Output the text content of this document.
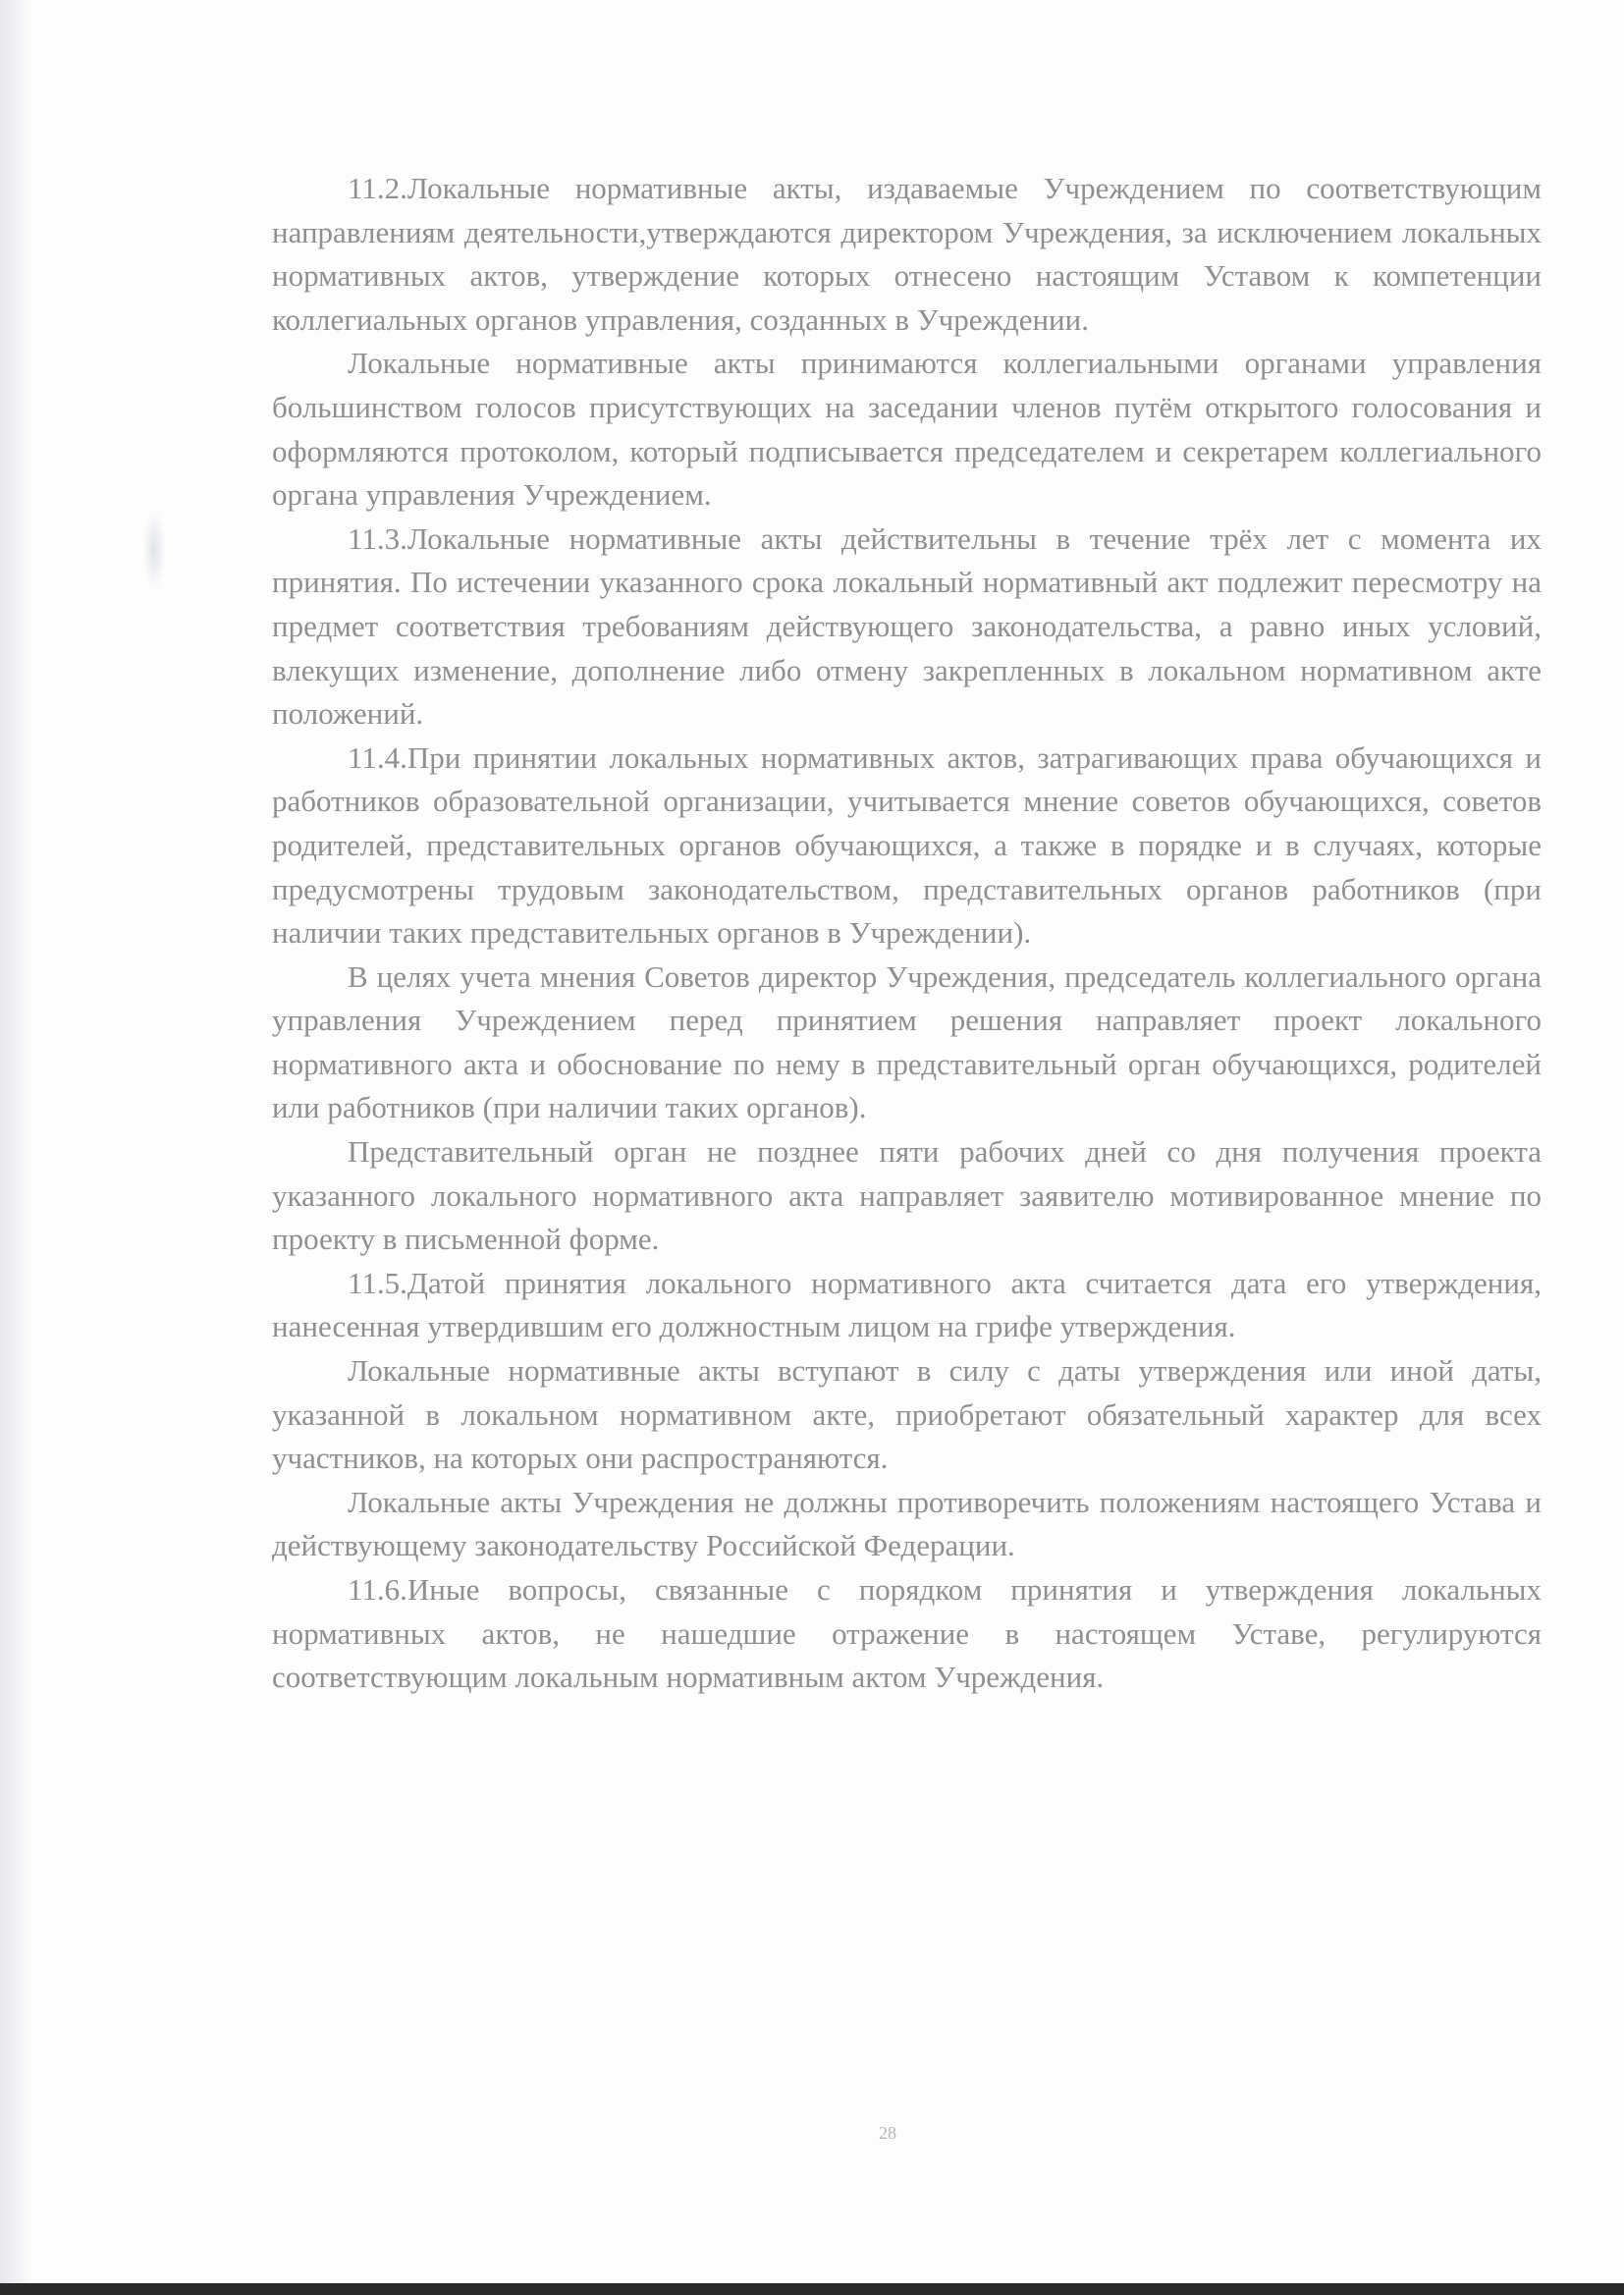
11.2.Локальные нормативные акты, издаваемые Учреждением по соответствующим направлениям деятельности,утверждаются директором Учреждения, за исключением локальных нормативных актов, утверждение которых отнесено настоящим Уставом к компетенции коллегиальных органов управления, созданных в Учреждении.

Локальные нормативные акты принимаются коллегиальными органами управления большинством голосов присутствующих на заседании членов путём открытого голосования и оформляются протоколом, который подписывается председателем и секретарем коллегиального органа управления Учреждением.

11.3.Локальные нормативные акты действительны в течение трёх лет с момента их принятия. По истечении указанного срока локальный нормативный акт подлежит пересмотру на предмет соответствия требованиям действующего законодательства, а равно иных условий, влекущих изменение, дополнение либо отмену закрепленных в локальном нормативном акте положений.

11.4.При принятии локальных нормативных актов, затрагивающих права обучающихся и работников образовательной организации, учитывается мнение советов обучающихся, советов родителей, представительных органов обучающихся, а также в порядке и в случаях, которые предусмотрены трудовым законодательством, представительных органов работников (при наличии таких представительных органов в Учреждении).

В целях учета мнения Советов директор Учреждения, председатель коллегиального органа управления Учреждением перед принятием решения направляет проект локального нормативного акта и обоснование по нему в представительный орган обучающихся, родителей или работников (при наличии таких органов).

Представительный орган не позднее пяти рабочих дней со дня получения проекта указанного локального нормативного акта направляет заявителю мотивированное мнение по проекту в письменной форме.

11.5.Датой принятия локального нормативного акта считается дата его утверждения, нанесенная утвердившим его должностным лицом на грифе утверждения.

Локальные нормативные акты вступают в силу с даты утверждения или иной даты, указанной в локальном нормативном акте, приобретают обязательный характер для всех участников, на которых они распространяются.

Локальные акты Учреждения не должны противоречить положениям настоящего Устава и действующему законодательству Российской Федерации.

11.6.Иные вопросы, связанные с порядком принятия и утверждения локальных нормативных актов, не нашедшие отражение в настоящем Уставе, регулируются соответствующим локальным нормативным актом Учреждения.

28
